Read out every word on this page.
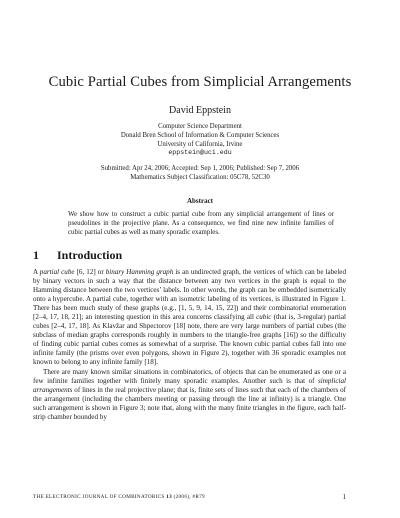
Cubic Partial Cubes from Simplicial Arrangements
David Eppstein
Computer Science Department
Donald Bren School of Information & Computer Sciences
University of California, Irvine
eppstein@uci.edu
Submitted: Apr 24, 2006; Accepted: Sep 1, 2006; Published: Sep 7, 2006
Mathematics Subject Classification: 05C78, 52C30
Abstract
We show how to construct a cubic partial cube from any simplicial arrangement of lines or pseudolines in the projective plane. As a consequence, we find nine new infinite families of cubic partial cubes as well as many sporadic examples.
1 Introduction

A partial cube [6, 12] or binary Hamming graph is an undirected graph, the vertices of which can be labeled by binary vectors in such a way that the distance between any two vertices in the graph is equal to the Hamming distance between the two vertices’ labels. In other words, the graph can be embedded isometrically onto a hypercube. A partial cube, together with an isometric labeling of its vertices, is illustrated in Figure 1. There has been much study of these graphs (e.g., [1, 5, 9, 14, 15, 22]) and their combinatorial enumeration [2–4, 17, 18, 21]; an interesting question in this area concerns classifying all cubic (that is, 3-regular) partial cubes [2–4, 17, 18]. As Klavžar and Shpectorov [18] note, there are very large numbers of partial cubes (the subclass of median graphs corresponds roughly in numbers to the triangle-free graphs [16]) so the difficulty of finding cubic partial cubes comes as somewhat of a surprise. The known cubic partial cubes fall into one infinite family (the prisms over even polygons, shown in Figure 2), together with 36 sporadic examples not known to belong to any infinite family [18].

There are many known similar situations in combinatorics, of objects that can be enumerated as one or a few infinite families together with finitely many sporadic examples. Another such is that of simplicial arrangements of lines in the real projective plane; that is, finite sets of lines such that each of the chambers of the arrangement (including the chambers meeting or passing through the line at infinity) is a triangle. One such arrangement is shown in Figure 3; note that, along with the many finite triangles in the figure, each half-strip chamber bounded by

THE ELECTRONIC JOURNAL OF COMBINATORICS 13 (2006), #R79	1
